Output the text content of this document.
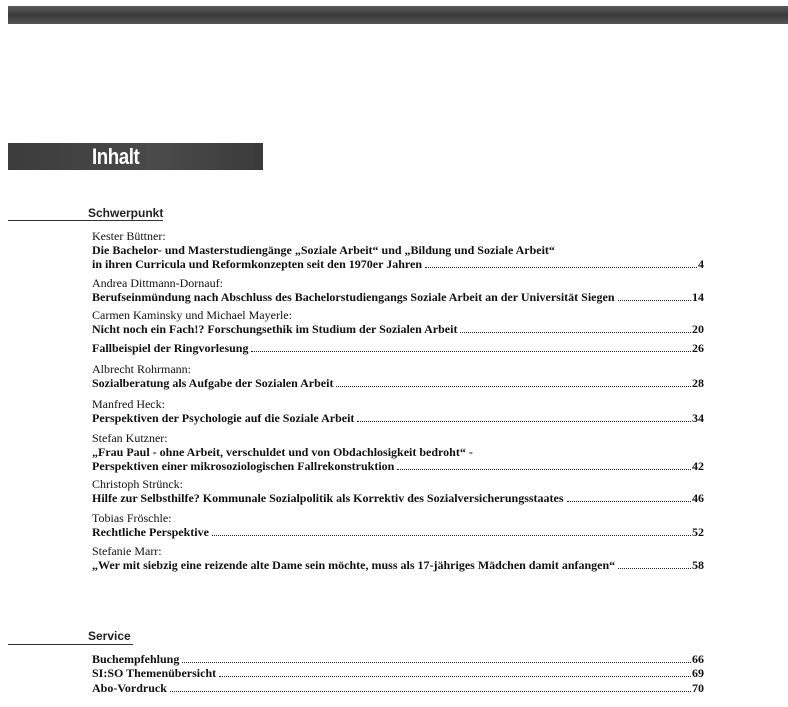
Inhalt
Schwerpunkt
Kester Büttner:
Die Bachelor- und Masterstudiengänge „Soziale Arbeit“ und „Bildung und Soziale Arbeit“
in ihren Curricula und Reformkonzepten seit den 1970er Jahren	4
Andrea Dittmann-Dornauf:
Berufseinmündung nach Abschluss des Bachelorstudiengangs Soziale Arbeit an der Universität Siegen	14
Carmen Kaminsky und Michael Mayerle:
Nicht noch ein Fach!? Forschungsethik im Studium der Sozialen Arbeit	20
Fallbeispiel der Ringvorlesung	26
Albrecht Rohrmann:
Sozialberatung als Aufgabe der Sozialen Arbeit	28
Manfred Heck:
Perspektiven der Psychologie auf die Soziale Arbeit	34
Stefan Kutzner:
„Frau Paul - ohne Arbeit, verschuldet und von Obdachlosigkeit bedroht“ -
Perspektiven einer mikrosoziologischen Fallrekonstruktion	42
Christoph Strünck:
Hilfe zur Selbsthilfe? Kommunale Sozialpolitik als Korrektiv des Sozialversicherungsstaates	46
Tobias Fröschle:
Rechtliche Perspektive	52
Stefanie Marr:
„Wer mit siebzig eine reizende alte Dame sein möchte, muss als 17-jähriges Mädchen damit anfangen“	58
Service
Buchempfehlung	66
SI:SO Themenübersicht	69
Abo-Vordruck	70
